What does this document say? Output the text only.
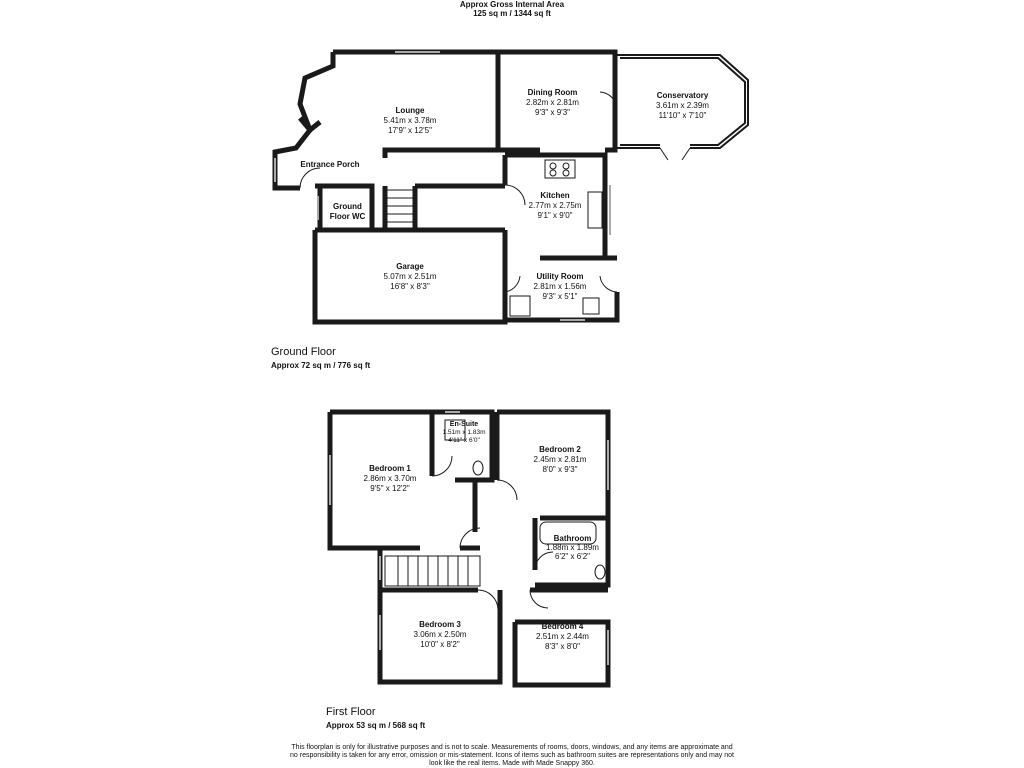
Approx Gross Internal Area
125 sq m / 1344 sq ft
Lounge
5.41m x 3.78m
17'9" x 12'5"
Dining Room
2.82m x 2.81m
9'3" x 9'3"
Conservatory
3.61m x 2.39m
11'10" x 7'10"
Entrance Porch
Ground
Floor WC
Kitchen
2.77m x 2.75m
9'1" x 9'0"
Garage
5.07m x 2.51m
16'8" x 8'3"
Utility Room
2.81m x 1.56m
9'3" x 5'1"
Ground Floor
Approx 72 sq m / 776 sq ft
Bedroom 1
2.86m x 3.70m
9'5" x 12'2"
En-Suite
1.51m x 1.83m
4'11" x 6'0"
Bedroom 2
2.45m x 2.81m
8'0" x 9'3"
Bathroom
1.88m x 1.89m
6'2" x 6'2"
Bedroom 3
3.06m x 2.50m
10'0" x 8'2"
Bedroom 4
2.51m x 2.44m
8'3" x 8'0"
First Floor
Approx 53 sq m / 568 sq ft
This floorplan is only for illustrative purposes and is not to scale. Measurements of rooms, doors, windows, and any items are approximate and no responsibility is taken for any error, omission or mis-statement. Icons of items such as bathroom suites are representations only and may not look like the real items. Made with Made Snappy 360.
